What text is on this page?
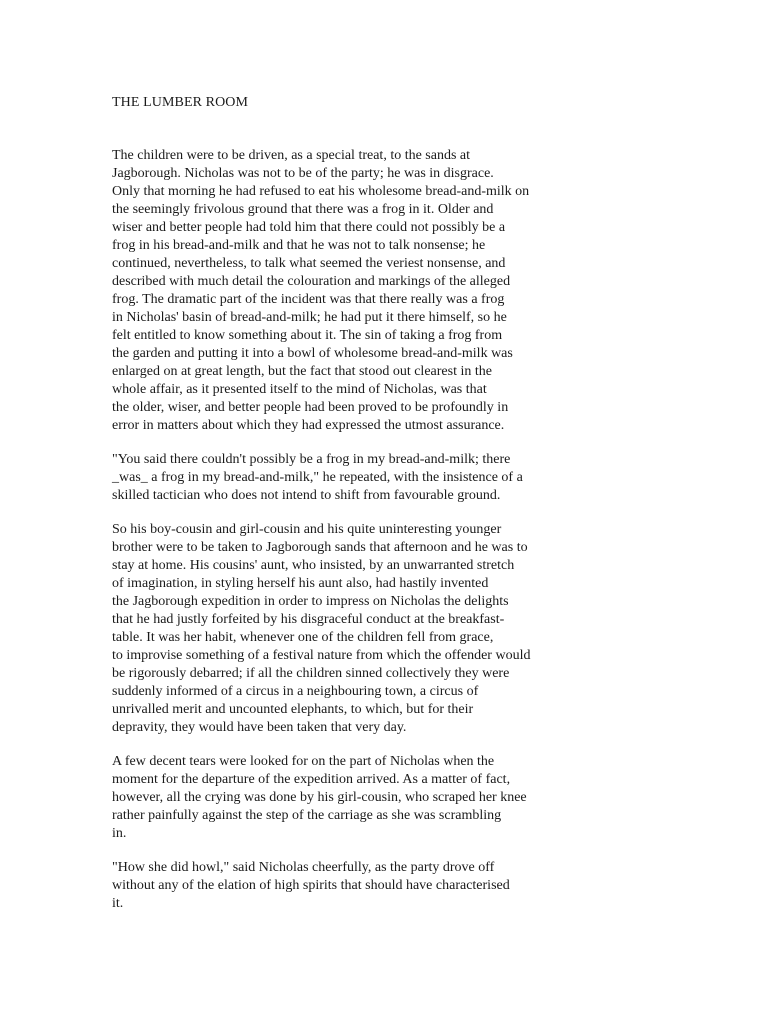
THE LUMBER ROOM

The children were to be driven, as a special treat, to the sands at
Jagborough. Nicholas was not to be of the party; he was in disgrace.
Only that morning he had refused to eat his wholesome bread-and-milk on
the seemingly frivolous ground that there was a frog in it. Older and
wiser and better people had told him that there could not possibly be a
frog in his bread-and-milk and that he was not to talk nonsense; he
continued, nevertheless, to talk what seemed the veriest nonsense, and
described with much detail the colouration and markings of the alleged
frog. The dramatic part of the incident was that there really was a frog
in Nicholas' basin of bread-and-milk; he had put it there himself, so he
felt entitled to know something about it. The sin of taking a frog from
the garden and putting it into a bowl of wholesome bread-and-milk was
enlarged on at great length, but the fact that stood out clearest in the
whole affair, as it presented itself to the mind of Nicholas, was that
the older, wiser, and better people had been proved to be profoundly in
error in matters about which they had expressed the utmost assurance.

"You said there couldn't possibly be a frog in my bread-and-milk; there
_was_ a frog in my bread-and-milk," he repeated, with the insistence of a
skilled tactician who does not intend to shift from favourable ground.

So his boy-cousin and girl-cousin and his quite uninteresting younger
brother were to be taken to Jagborough sands that afternoon and he was to
stay at home. His cousins' aunt, who insisted, by an unwarranted stretch
of imagination, in styling herself his aunt also, had hastily invented
the Jagborough expedition in order to impress on Nicholas the delights
that he had justly forfeited by his disgraceful conduct at the breakfast-
table. It was her habit, whenever one of the children fell from grace,
to improvise something of a festival nature from which the offender would
be rigorously debarred; if all the children sinned collectively they were
suddenly informed of a circus in a neighbouring town, a circus of
unrivalled merit and uncounted elephants, to which, but for their
depravity, they would have been taken that very day.

A few decent tears were looked for on the part of Nicholas when the
moment for the departure of the expedition arrived. As a matter of fact,
however, all the crying was done by his girl-cousin, who scraped her knee
rather painfully against the step of the carriage as she was scrambling
in.

"How she did howl," said Nicholas cheerfully, as the party drove off
without any of the elation of high spirits that should have characterised
it.
